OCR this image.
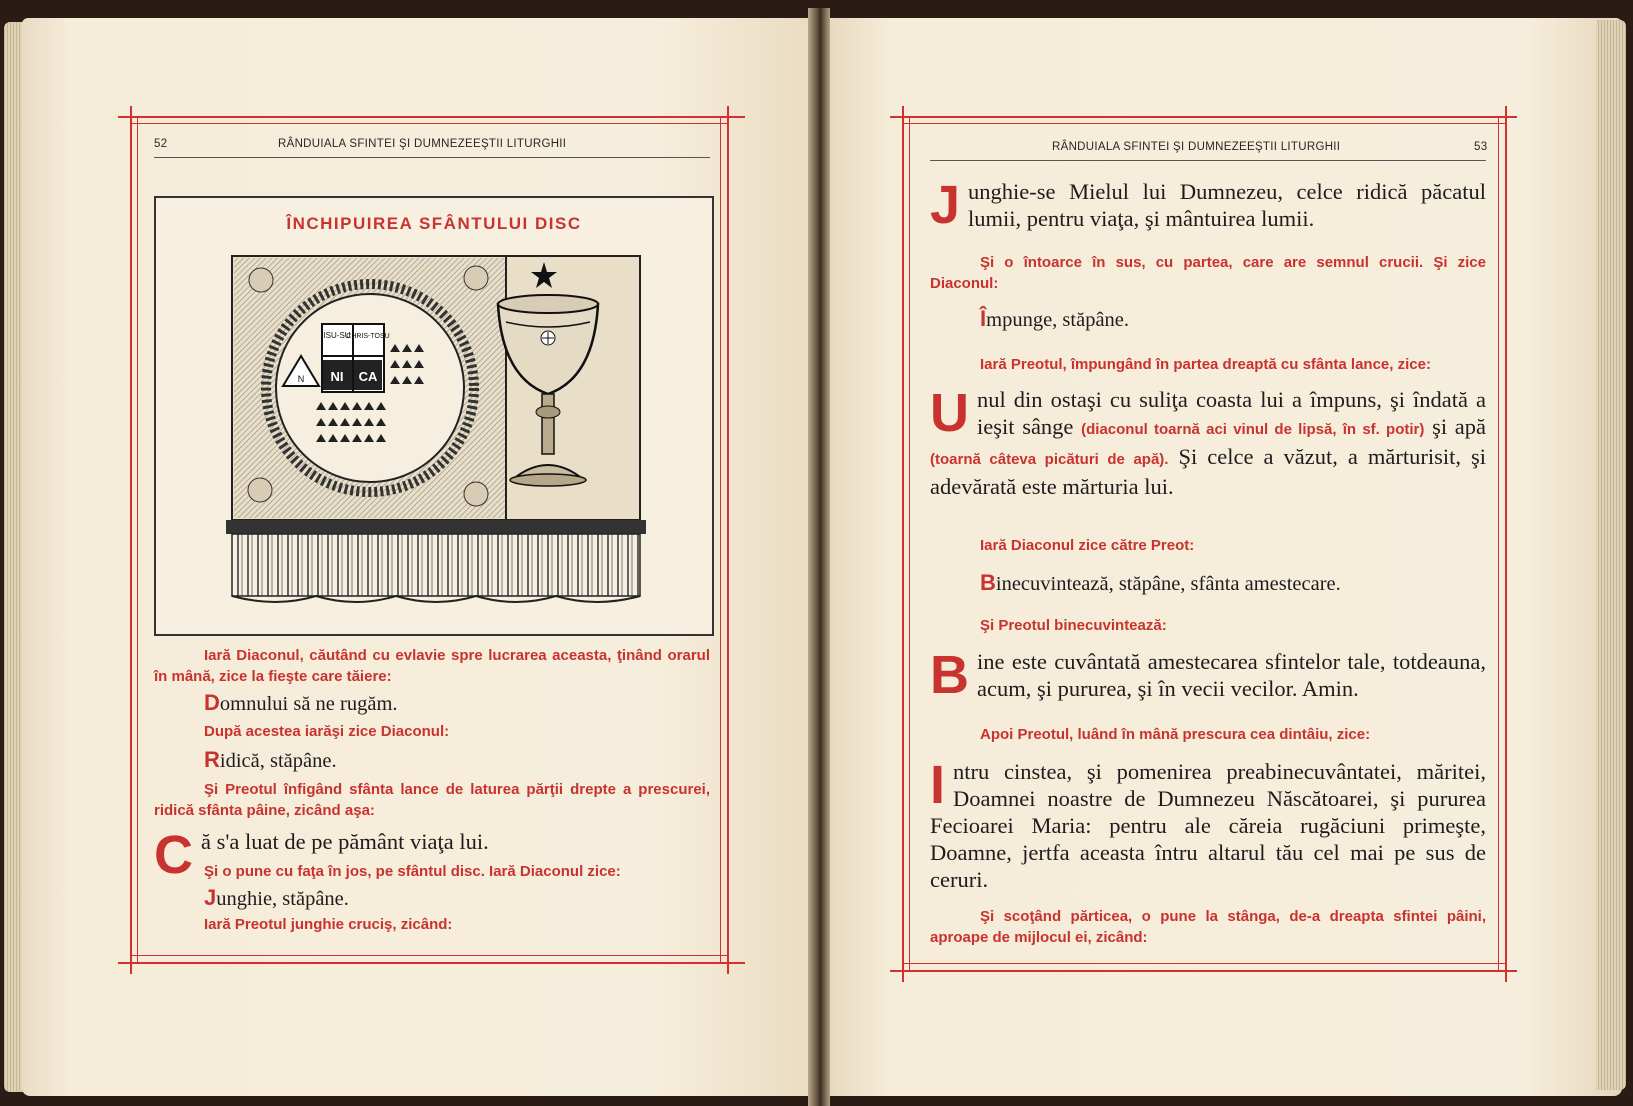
52	RÂNDUIALA SFINTEI ŞI DUMNEZEEŞTII LITURGHII	RÂNDUIALA SFINTEI ŞI DUMNEZEEŞTII LITURGHII	53
ÎNCHIPUIREA SFÂNTULUI DISC
ISU-SU
CHRIS-TOSU
NI CA
N
Iară Diaconul, căutând cu evlavie spre lucrarea aceasta, ţinând orarul în mână, zice la fieşte care tăiere:
Domnului să ne rugăm.
După acestea iarăşi zice Diaconul:
Ridică, stăpâne.
Şi Preotul înfigând sfânta lance de laturea părţii drepte a prescurei, ridică sfânta pâine, zicând aşa:
Că s'a luat de pe pământ viaţa lui.
Şi o pune cu faţa în jos, pe sfântul disc. Iară Diaconul zice:
Junghie, stăpâne.
Iară Preotul junghie cruciş, zicând:
Junghie-se Mielul lui Dumnezeu, celce ridică păcatul lumii, pentru viaţa, şi mântuirea lumii.
Şi o întoarce în sus, cu partea, care are semnul crucii. Şi zice Diaconul:
Împunge, stăpâne.
Iară Preotul, împungând în partea dreaptă cu sfânta lance, zice:
Unul din ostaşi cu suliţa coasta lui a împuns, şi îndată a ieşit sânge (diaconul toarnă aci vinul de lipsă, în sf. potir) şi apă (toarnă câteva picături de apă). Şi celce a văzut, a mărturisit, şi adevărată este mărturia lui.
Iară Diaconul zice către Preot:
Binecuvintează, stăpâne, sfânta amestecare.
Şi Preotul binecuvintează:
Bine este cuvântată amestecarea sfintelor tale, totdeauna, acum, şi pururea, şi în vecii vecilor. Amin.
Apoi Preotul, luând în mână prescura cea dintâiu, zice:
Intru cinstea, şi pomenirea preabinecuvântatei, măritei, Doamnei noastre de Dumnezeu Născătoarei, şi pururea Fecioarei Maria: pentru ale căreia rugăciuni primeşte, Doamne, jertfa aceasta întru altarul tău cel mai pe sus de ceruri.
Şi scoţând părticea, o pune la stânga, de-a dreapta sfintei pâini, aproape de mijlocul ei, zicând:
